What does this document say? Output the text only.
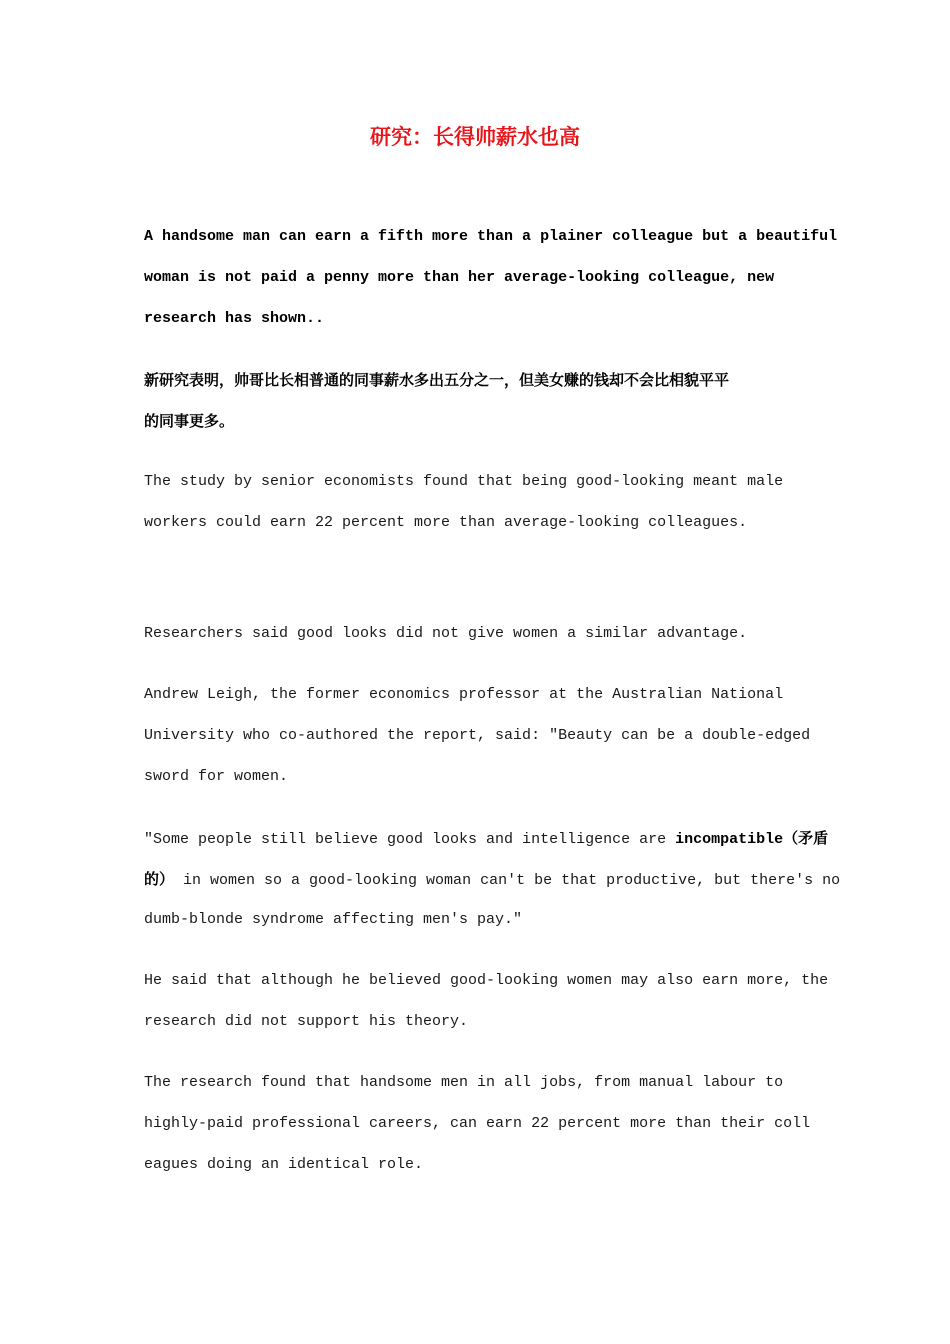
研究：长得帅薪水也高
A handsome man can earn a fifth more than a plainer colleague but a beautiful
woman is not paid a penny more than her average-looking colleague, new
research has shown..
新研究表明，帅哥比长相普通的同事薪水多出五分之一，但美女赚的钱却不会比相貌平平
的同事更多。
The study by senior economists found that being good-looking meant male
workers could earn 22 percent more than average-looking colleagues.
Researchers said good looks did not give women a similar advantage.
Andrew Leigh, the former economics professor at the Australian National
University who co-authored the report, said: "Beauty can be a double-edged
sword for women.
"Some people still believe good looks and intelligence are incompatible（矛盾
的） in women so a good-looking woman can't be that productive, but there's no
dumb-blonde syndrome affecting men's pay."
He said that although he believed good-looking women may also earn more, the
research did not support his theory.
The research found that handsome men in all jobs, from manual labour to
highly-paid professional careers, can earn 22 percent more than their coll
eagues doing an identical role.
